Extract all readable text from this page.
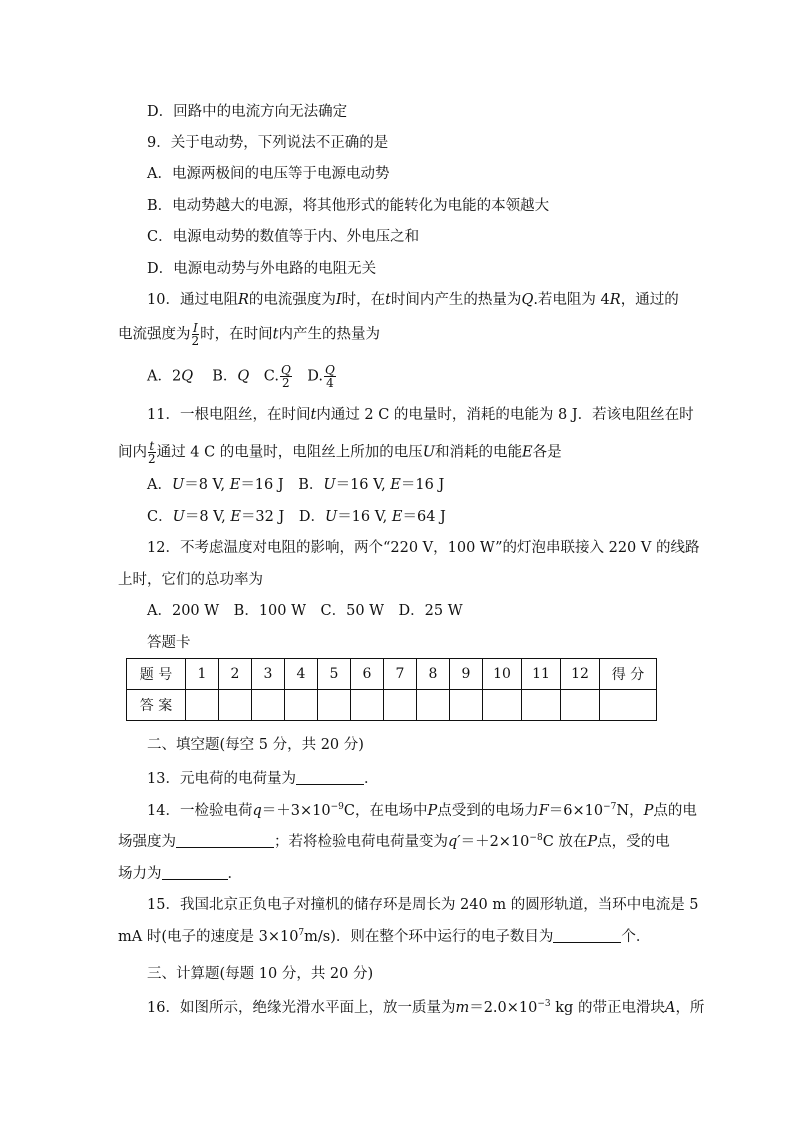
D．回路中的电流方向无法确定
9．关于电动势，下列说法不正确的是
A．电源两极间的电压等于电源电动势
B．电动势越大的电源，将其他形式的能转化为电能的本领越大
C．电源电动势的数值等于内、外电压之和
D．电源电动势与外电路的电阻无关
10．通过电阻R的电流强度为I时，在t时间内产生的热量为Q.若电阻为 4R，通过的
电流强度为 $\frac{I}{2}$ 时，在时间t内产生的热量为
A．2Q　 B．Q　 C. $\frac{Q}{2}$
　 D. $\frac{Q}{4}$
11．一根电阻丝，在时间t内通过 2 C 的电量时，消耗的电能为 8 J．若该电阻丝在时
间内 $\frac{t}{2}$ 通过 4 C 的电量时，电阻丝上所加的电压U和消耗的电能E各是
A．U＝8 V, E＝16 J　 B．U＝16 V, E＝16 J
C．U＝8 V, E＝32 J　 D．U＝16 V, E＝64 J
12．不考虑温度对电阻的影响，两个“220 V，100 W”的灯泡串联接入 220 V 的线路
上时，它们的总功率为
A．200 W　B．100 W　C．50 W　D．25 W
答题卡
题 号	1	2	3	4	5	6	7	8	9	10	11	12	得 分
答 案													
二、填空题(每空 5 分，共 20 分)
13．元电荷的电荷量为	．
14．一检验电荷$q=+3\times 10^{-9}C$，在电场中P点受到的电场力$F=6\times 10^{-7}N$，P点的电
场强度为	；若将检验电荷电荷量变为$q'=+2\times 10^{-8}C$ 放在P点，受的电
场力为	．
15．我国北京正负电子对撞机的储存环是周长为 240 m 的圆形轨道，当环中电流是 5
mA 时(电子的速度是 $3\times 10^7m/s$)．则在整个环中运行的电子数目为	个．
三、计算题(每题 10 分，共 20 分)
16．如图所示，绝缘光滑水平面上，放一质量为$m=2.0\times 10^{-3}$ kg 的带正电滑块A，所
